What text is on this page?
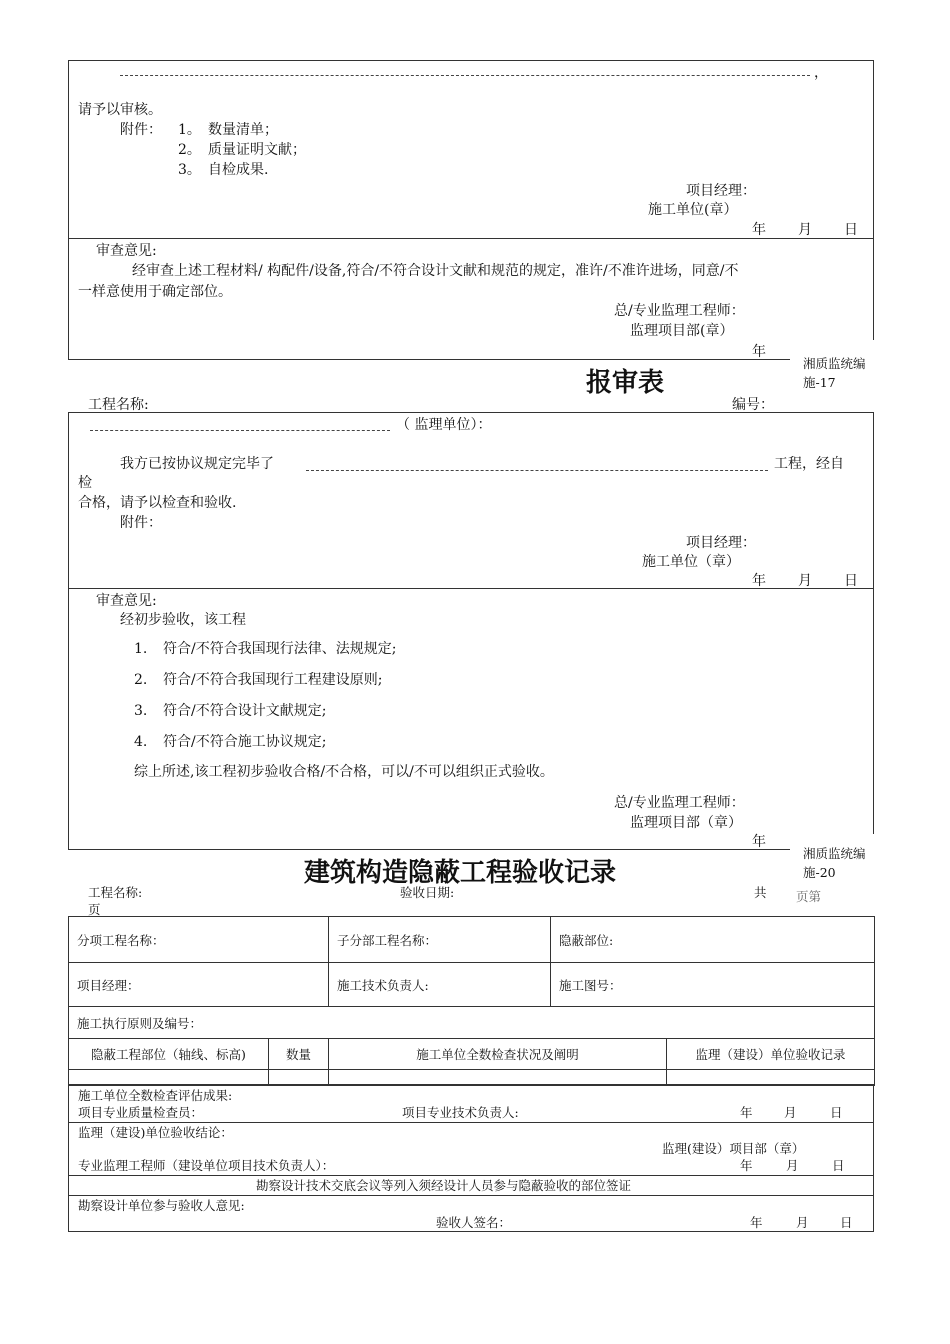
，
请予以审核。
附件： 1。 数量清单；
2。 质量证明文献；
3。 自检成果.
项目经理：
施工单位(章）
年 月 日
审查意见:
经审查上述工程材料/ 构配件/设备,符合/不符合设计文献和规范的规定，准许/不准许进场，同意/不
一样意使用于确定部位。
总/专业监理工程师：
监理项目部(章）
年
湘质监统编
施-17
报审表
工程名称:	编号：
（ 监理单位）：
我方已按协议规定完毕了	工程，经自
检
合格，请予以检查和验收.
附件：
项目经理：
施工单位（章）
年 月 日
审查意见:
经初步验收，该工程
1. 符合/不符合我国现行法律、法规规定;
2. 符合/不符合我国现行工程建设原则;
3. 符合/不符合设计文献规定;
4. 符合/不符合施工协议规定;
综上所述,该工程初步验收合格/不合格，可以/不可以组织正式验收。
总/专业监理工程师：
监理项目部（章）
年
湘质监统编
施-20
建筑构造隐蔽工程验收记录
工程名称:	验收日期:	共 页第
页
分项工程名称：	子分部工程名称：	隐蔽部位:
项目经理：	施工技术负责人:	施工图号：
施工执行原则及编号：		
隐蔽工程部位（轴线、标高)	数量	施工单位全数检查状况及阐明	监理（建设）单位验收记录

施工单位全数检查评估成果:
项目专业质量检查员：	项目专业技术负责人:	年	月	日
监理（建设)单位验收结论：
监理(建设）项目部（章）
专业监理工程师（建设单位项目技术负责人）：	年	月	日
勘察设计技术交底会议等列入须经设计人员参与隐蔽验收的部位签证
勘察设计单位参与验收人意见:
验收人签名：	年	月	日
